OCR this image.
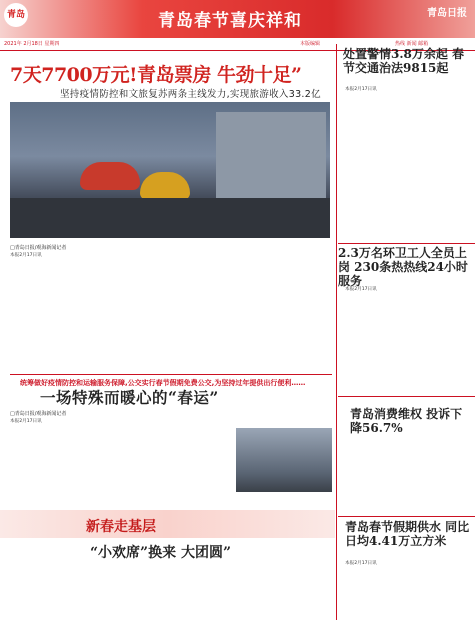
青岛	青岛春节喜庆祥和	青岛日报
2021年 2月18日 星期四	本版编辑	热线 新闻 邮箱
7天7700万元!青岛票房 牛劲十足”
坚持疫情防控和文旅复苏两条主线发力,实现旅游收入33.2亿
□青岛日报/观海新闻记者

本报2月17日讯

统筹做好疫情防控和运输服务保障,公交实行春节假期免费公交,为坚持过年提供出行便利……
一场特殊而暖心的“春运”
□青岛日报/观海新闻记者

本报2月17日讯

处置警情3.8万余起 春节交通治法9815起

本报2月17日讯

2.3万名环卫工人全员上岗 230条热热线24小时服务

本报2月17日讯

青岛消费维权 投诉下降56.7%
青岛春节假期供水 同比日均4.41万立方米

本报2月17日讯

新春走基层
“小欢席”换来 大团圆”
